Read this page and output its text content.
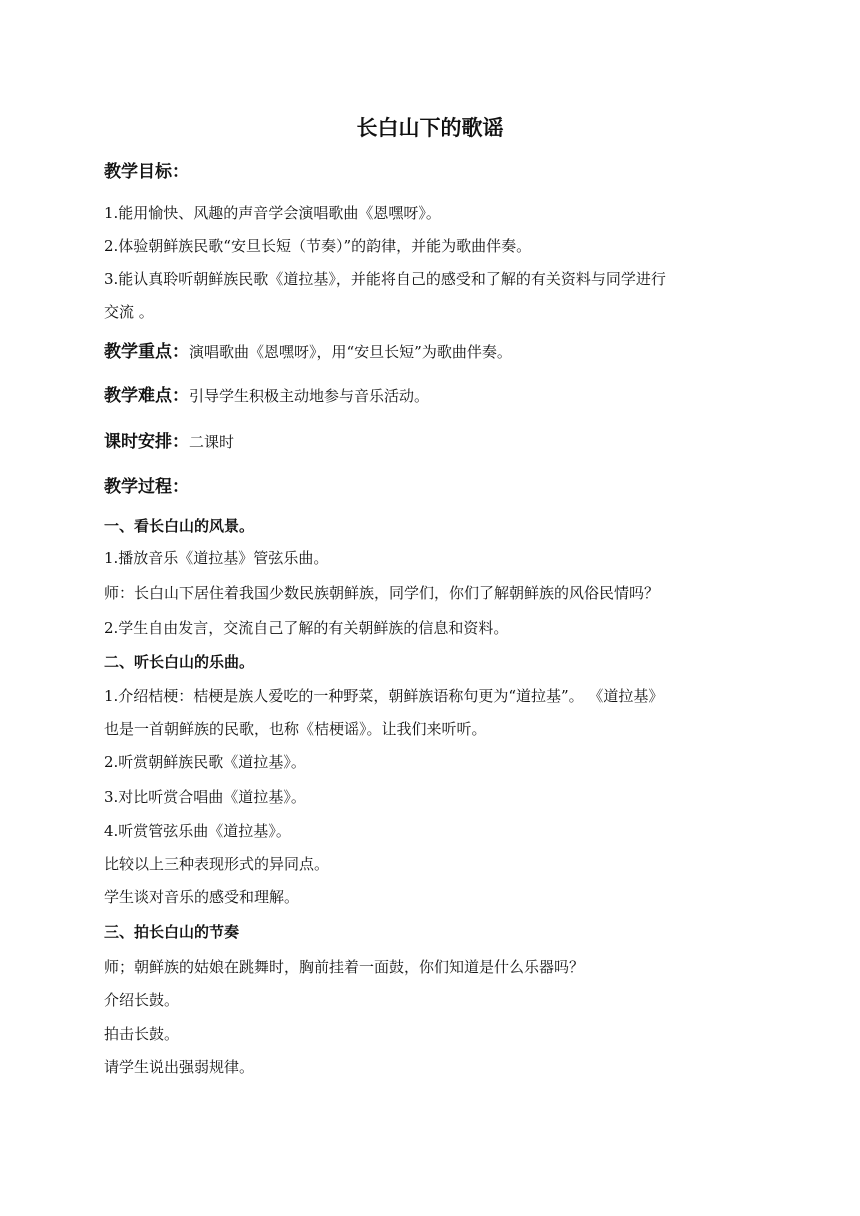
长白山下的歌谣
教学目标：
1.能用愉快、风趣的声音学会演唱歌曲《恩嘿呀》。
2.体验朝鲜族民歌“安旦长短（节奏）”的韵律，并能为歌曲伴奏。
3.能认真聆听朝鲜族民歌《道拉基》，并能将自己的感受和了解的有关资料与同学进行
交流 。
教学重点：演唱歌曲《恩嘿呀》，用“安旦长短”为歌曲伴奏。
教学难点：引导学生积极主动地参与音乐活动。
课时安排：二课时
教学过程：
一、看长白山的风景。
1.播放音乐《道拉基》管弦乐曲。
师：长白山下居住着我国少数民族朝鲜族，同学们，你们了解朝鲜族的风俗民情吗？
2.学生自由发言，交流自己了解的有关朝鲜族的信息和资料。
二、听长白山的乐曲。
1.介绍桔梗：桔梗是族人爱吃的一种野菜，朝鲜族语称句更为“道拉基”。 《道拉基》
也是一首朝鲜族的民歌，也称《桔梗谣》。让我们来听听。
2.听赏朝鲜族民歌《道拉基》。
3.对比听赏合唱曲《道拉基》。
4.听赏管弦乐曲《道拉基》。
比较以上三种表现形式的异同点。
学生谈对音乐的感受和理解。
三、拍长白山的节奏
师；朝鲜族的姑娘在跳舞时，胸前挂着一面鼓，你们知道是什么乐器吗？
介绍长鼓。
拍击长鼓。
请学生说出强弱规律。
